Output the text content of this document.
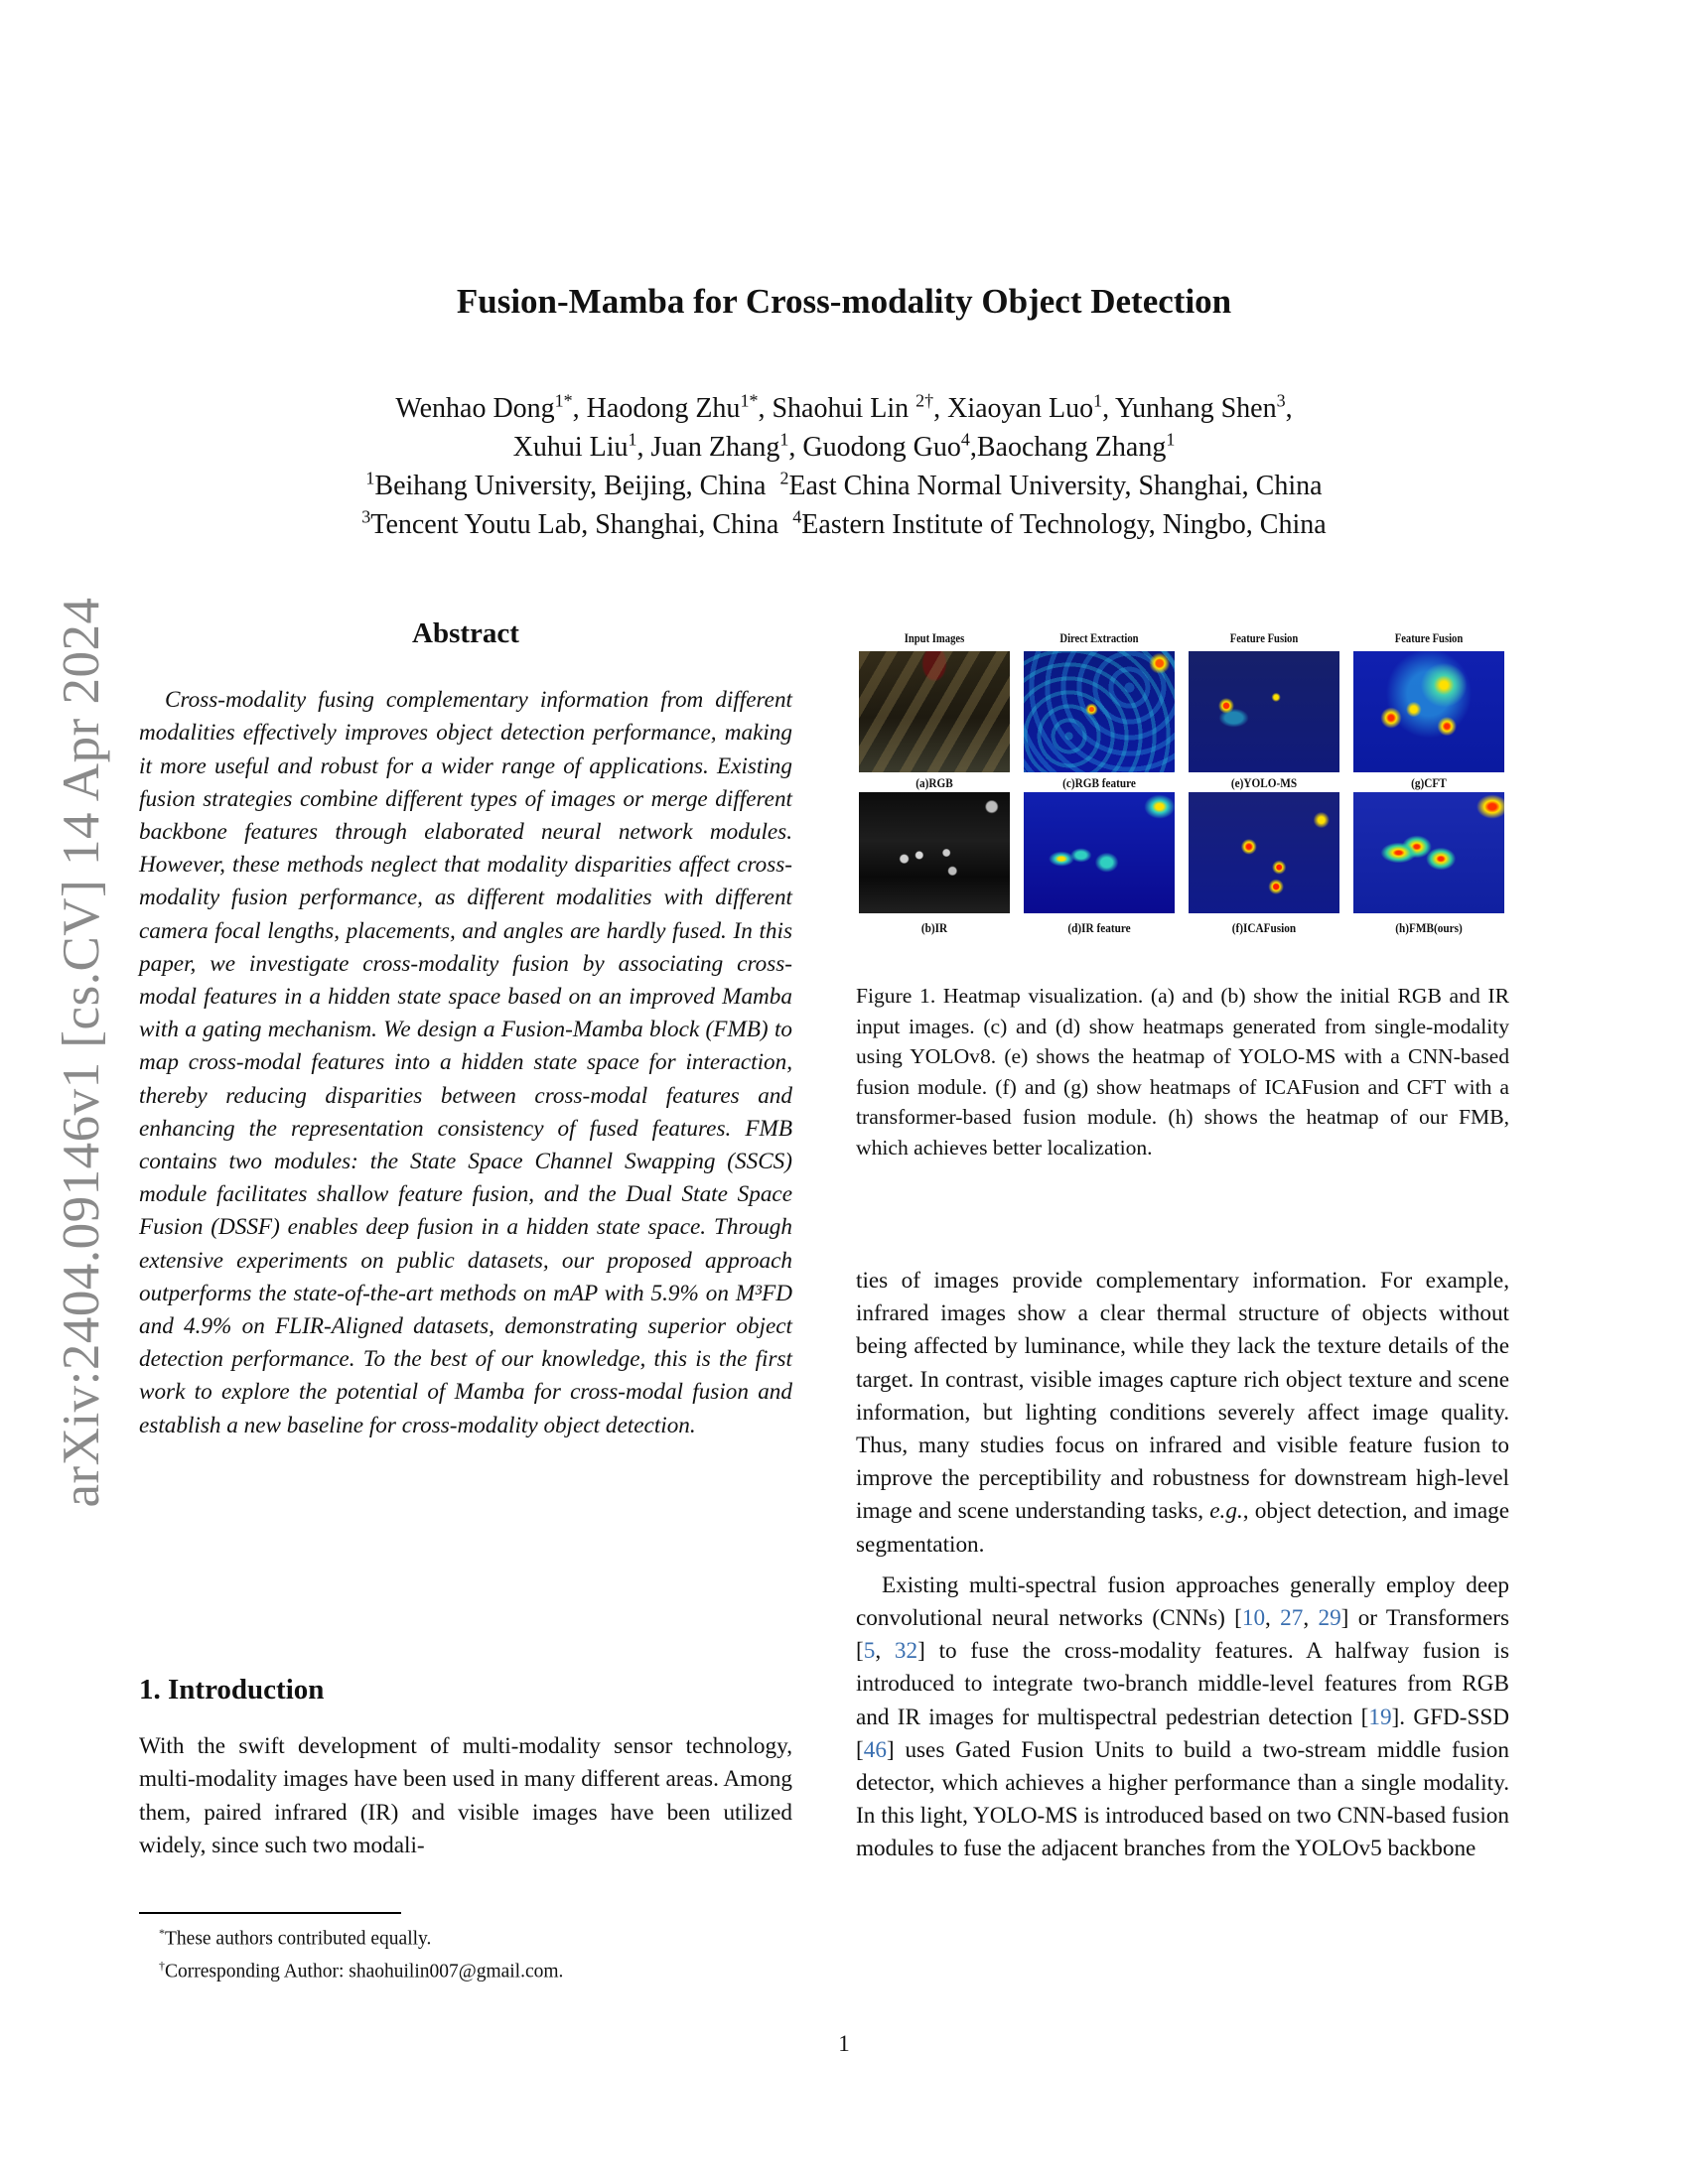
Fusion-Mamba for Cross-modality Object Detection
Wenhao Dong$^{1*}$, Haodong Zhu$^{1*}$, Shaohui Lin $^{2\dagger}$, Xiaoyan Luo$^1$, Yunhang Shen$^3$,
Xuhui Liu$^1$, Juan Zhang$^1$, Guodong Guo$^4$,Baochang Zhang$^1$
$^1$Beihang University, Beijing, China $^2$East China Normal University, Shanghai, China
$^3$Tencent Youtu Lab, Shanghai, China $^4$Eastern Institute of Technology, Ningbo, China
arXiv:2404.09146v1 [cs.CV] 14 Apr 2024	Abstract

Cross-modality fusing complementary information from different modalities effectively improves object detection performance, making it more useful and robust for a wider range of applications. Existing fusion strategies combine different types of images or merge different backbone features through elaborated neural network modules. However, these methods neglect that modality disparities affect cross-modality fusion performance, as different modalities with different camera focal lengths, placements, and angles are hardly fused. In this paper, we investigate cross-modality fusion by associating cross-modal features in a hidden state space based on an improved Mamba with a gating mechanism. We design a Fusion-Mamba block (FMB) to map cross-modal features into a hidden state space for interaction, thereby reducing disparities between cross-modal features and enhancing the representation consistency of fused features. FMB contains two modules: the State Space Channel Swapping (SSCS) module facilitates shallow feature fusion, and the Dual State Space Fusion (DSSF) enables deep fusion in a hidden state space. Through extensive experiments on public datasets, our proposed approach outperforms the state-of-the-art methods on mAP with 5.9% on M³FD and 4.9% on FLIR-Aligned datasets, demonstrating superior object detection performance. To the best of our knowledge, this is the first work to explore the potential of Mamba for cross-modal fusion and establish a new baseline for cross-modality object detection.

1. Introduction

With the swift development of multi-modality sensor technology, multi-modality images have been used in many different areas. Among them, paired infrared (IR) and visible images have been utilized widely, since such two modali-

*These authors contributed equally.
†Corresponding Author: shaohuilin007@gmail.com.
Input Images	Direct Extraction	Feature Fusion	Feature Fusion
(a)RGB	(c)RGB feature	(e)YOLO-MS	(g)CFT
(b)IR	(d)IR feature	(f)ICAFusion	(h)FMB(ours)
Figure 1. Heatmap visualization. (a) and (b) show the initial RGB and IR input images. (c) and (d) show heatmaps generated from single-modality using YOLOv8. (e) shows the heatmap of YOLO-MS with a CNN-based fusion module. (f) and (g) show heatmaps of ICAFusion and CFT with a transformer-based fusion module. (h) shows the heatmap of our FMB, which achieves better localization.

ties of images provide complementary information. For example, infrared images show a clear thermal structure of objects without being affected by luminance, while they lack the texture details of the target. In contrast, visible images capture rich object texture and scene information, but lighting conditions severely affect image quality. Thus, many studies focus on infrared and visible feature fusion to improve the perceptibility and robustness for downstream high-level image and scene understanding tasks, e.g., object detection, and image segmentation.

Existing multi-spectral fusion approaches generally employ deep convolutional neural networks (CNNs) [10, 27, 29] or Transformers [5, 32] to fuse the cross-modality features. A halfway fusion is introduced to integrate two-branch middle-level features from RGB and IR images for multispectral pedestrian detection [19]. GFD-SSD [46] uses Gated Fusion Units to build a two-stream middle fusion detector, which achieves a higher performance than a single modality. In this light, YOLO-MS is introduced based on two CNN-based fusion modules to fuse the adjacent branches from the YOLOv5 backbone

1
